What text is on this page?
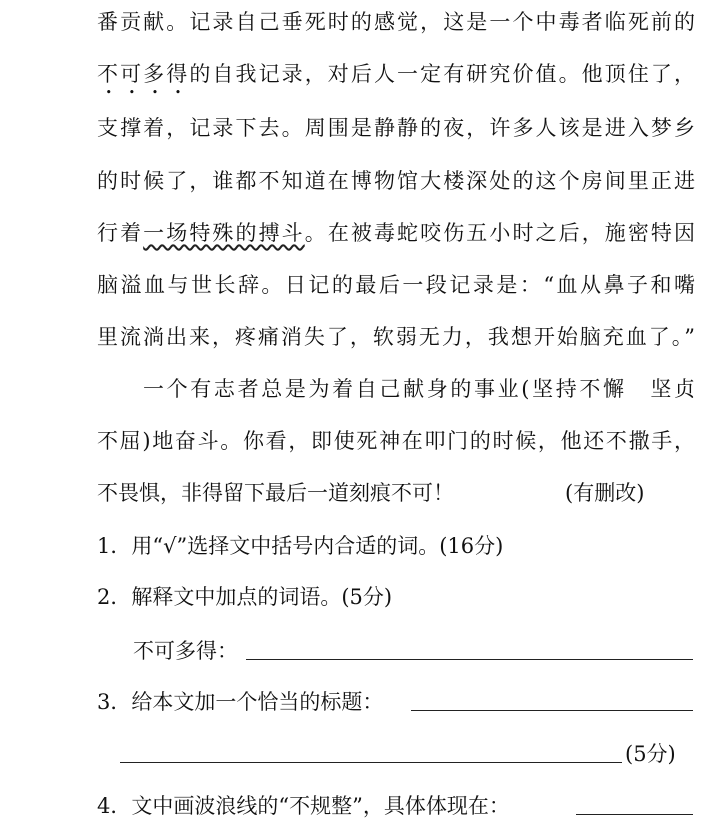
番贡献。记录自己垂死时的感觉，这是一个中毒者临死前的
不可多得的自我记录，对后人一定有研究价值。他顶住了，
支撑着，记录下去。周围是静静的夜，许多人该是进入梦乡
的时候了，谁都不知道在博物馆大楼深处的这个房间里正进
行着一场特殊的搏斗。在被毒蛇咬伤五小时之后，施密特因
脑溢血与世长辞。日记的最后一段记录是：“血从鼻子和嘴
里流淌出来，疼痛消失了，软弱无力，我想开始脑充血了。”
一个有志者总是为着自己献身的事业(坚持不懈　坚贞
不屈)地奋斗。你看，即使死神在叩门的时候，他还不撒手，
不畏惧，非得留下最后一道刻痕不可！	(有删改)
1．用“√”选择文中括号内合适的词。(16分)
2．解释文中加点的词语。(5分)
不可多得：
3．给本文加一个恰当的标题：
(5分)
4．文中画波浪线的“不规整”，具体体现在：
